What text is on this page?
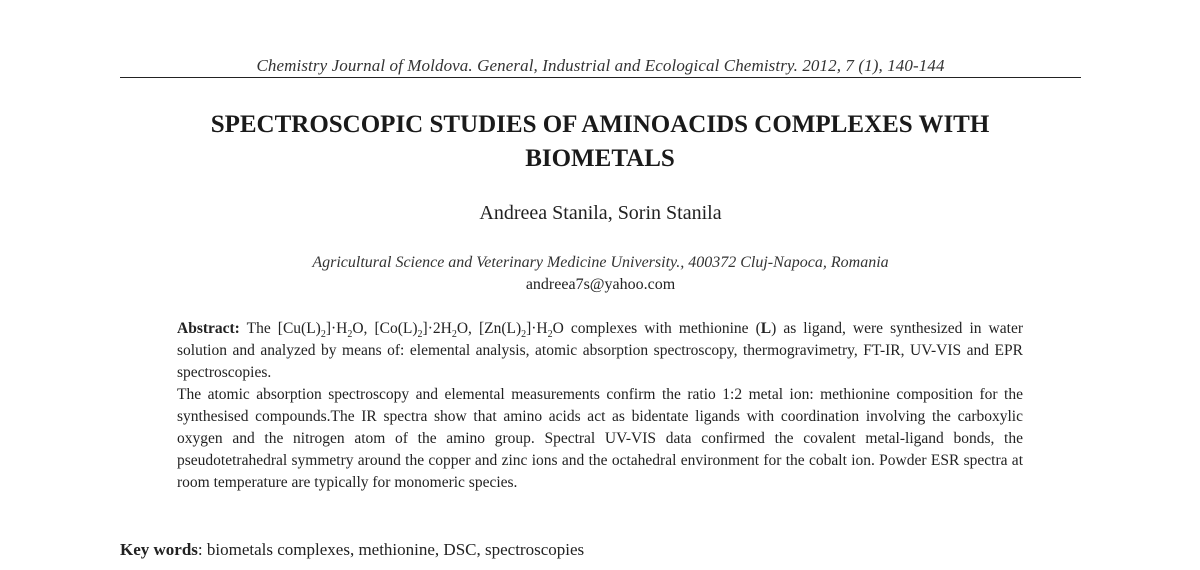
Chemistry Journal of Moldova. General, Industrial and Ecological Chemistry. 2012, 7 (1), 140-144
SPECTROSCOPIC STUDIES OF AMINOACIDS COMPLEXES WITH
BIOMETALS
Andreea Stanila, Sorin Stanila
Agricultural Science and Veterinary Medicine University., 400372 Cluj-Napoca, Romania
andreea7s@yahoo.com

Abstract: The $[Cu(L)_2]\cdot H_2O$, $[Co(L)_2]\cdot 2H_2O$, $[Zn(L)_2]\cdot H_2O$ complexes with methionine (L) as ligand, were synthesized in water solution and analyzed by means of: elemental analysis, atomic absorption spectroscopy, thermogravimetry, FT-IR, UV-VIS and EPR spectroscopies.

The atomic absorption spectroscopy and elemental measurements confirm the ratio 1:2 metal ion: methionine composition for the synthesised compounds.The IR spectra show that amino acids act as bidentate ligands with coordination involving the carboxylic oxygen and the nitrogen atom of the amino group. Spectral UV-VIS data confirmed the covalent metal-ligand bonds, the pseudotetrahedral symmetry around the copper and zinc ions and the octahedral environment for the cobalt ion. Powder ESR spectra at room temperature are typically for monomeric species.

Key words: biometals complexes, methionine, DSC, spectroscopies
